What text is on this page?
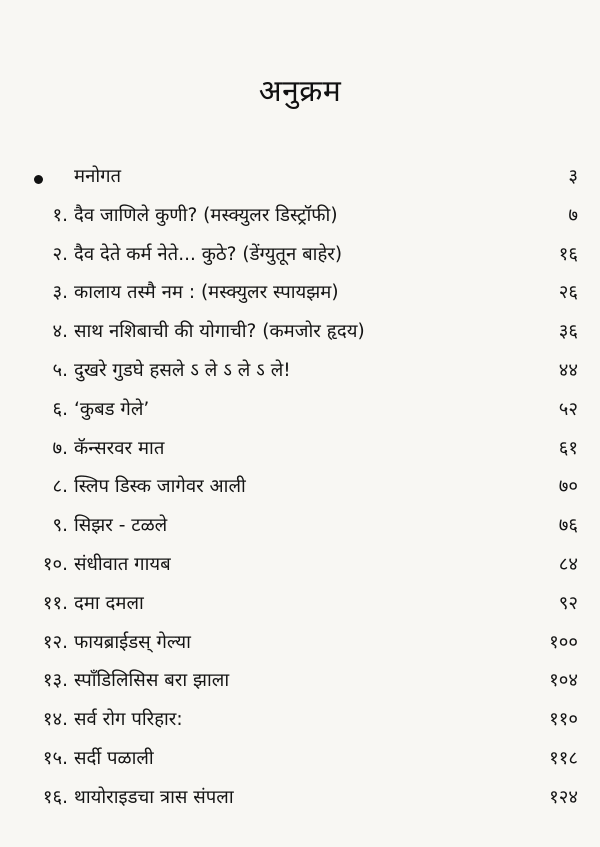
अनुक्रम
मनोगत	३
१. दैव जाणिले कुणी? (मस्क्युलर डिस्ट्रॉफी)	७
२. दैव देते कर्म नेते... कुठे? (डेंग्युतून बाहेर)	१६
३. कालाय तस्मै नम : (मस्क्युलर स्पायझम)	२६
४. साथ नशिबाची की योगाची? (कमजोर हृदय)	३६
५. दुखरे गुडघे हसले ऽ ले ऽ ले ऽ ले!	४४
६. ‘कुबड गेले’	५२
७. कॅन्सरवर मात	६१
८. स्लिप डिस्क जागेवर आली	७०
९. सिझर - टळले	७६
१०. संधीवात गायब	८४
११. दमा दमला	९२
१२. फायब्राईडस् गेल्या	१००
१३. स्पाँडिलिसिस बरा झाला	१०४
१४. सर्व रोग परिहार:	११०
१५. सर्दी पळाली	११८
१६. थायोराइडचा त्रास संपला	१२४
